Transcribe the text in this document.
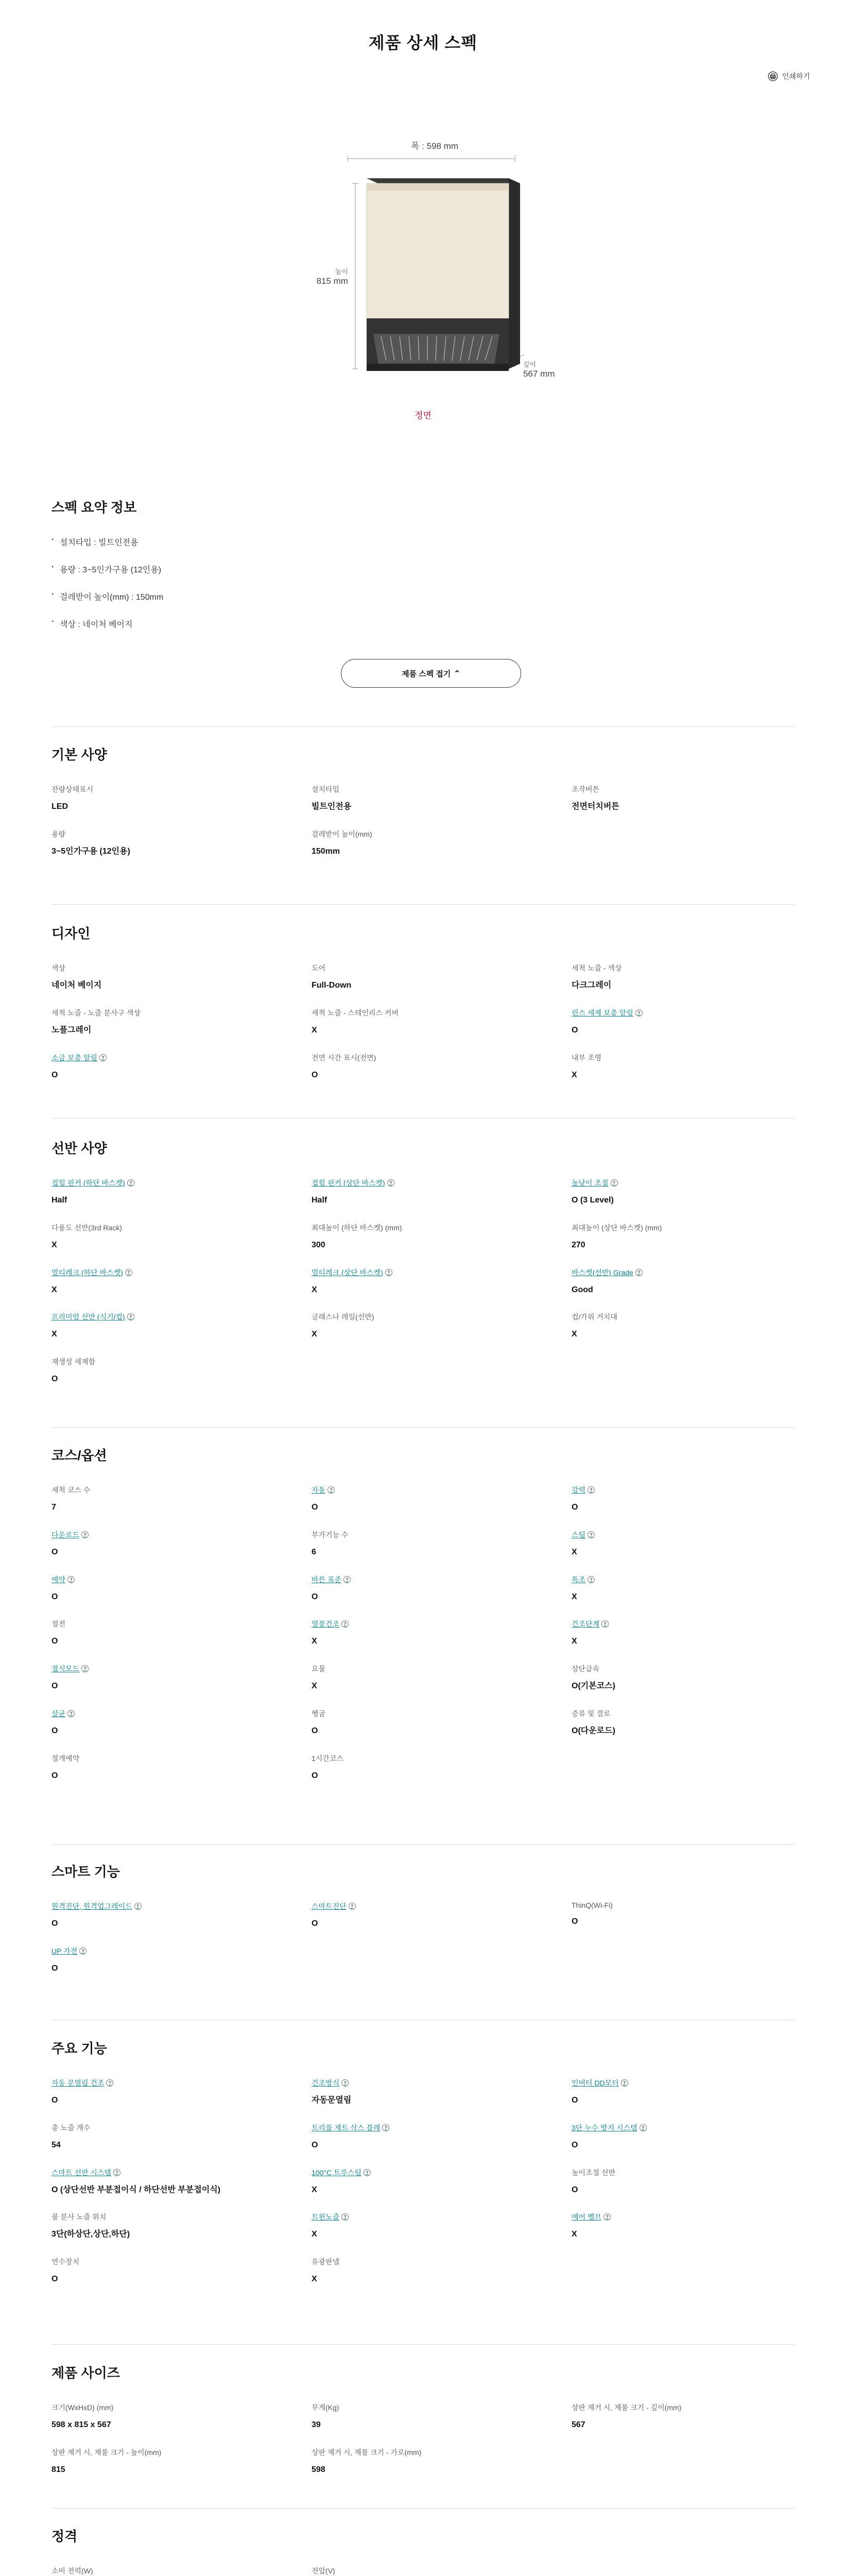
제품 상세 스펙
인쇄하기
폭 : 598 mm
높이
815 mm
깊이
567 mm
정면
스펙 요약 정보
· 설치타입 : 빌트인전용
· 용량 : 3~5인가구용 (12인용)
· 걸레받이 높이(mm) : 150mm
· 색상 : 네이처 베이지
제품 스펙 접기 ⌃
기본 사양
잔량상태표시
LED
설치타입
빌트인전용
조작버튼
전면터치버튼
용량
3~5인가구용 (12인용)
걸레받이 높이(mm)
150mm
디자인
색상
네이처 베이지
도어
Full-Down
세척 노즐 - 색상
다크그레이
세척 노즐 - 노즐 분사구 색상
노플그레이
세척 노즐 - 스테인리스 커버
X
린스 세제 보충 알림 ?
O
소금 보충 알림 ?
O
전면 시간 표시(전면)
O
내부 조명
X
선반 사양
접힘 핀커 (하단 바스켓) ?
Half
접힘 핀커 (상단 바스켓) ?
Half
높낮이 조절 ?
O (3 Level)
다용도 선반(3rd Rack)
X
최대높이 (하단 바스켓) (mm)
300
최대높이 (상단 바스켓) (mm)
270
멀티레크 (하단 바스켓) ?
X
멀티레크 (상단 바스켓) ?
X
바스켓(선반) Grade ?
Good
프리미엄 선반 (식기/컵) ?
X
글래스나 레일(선반)
X
컵/가위 거치대
X
재생성 세제함
O
코스/옵션
세척 코스 수
7
자동 ?
O
강력 ?
O
다운로드 ?
O
부가기능 수
6
스팀 ?
X
예약 ?
O
바른 표준 ?
O
특조 ?
X
절전
O
열풍건조 ?
X
건조단계 ?
X
절식모드 ?
O
요물
X
상단급속
O(기본코스)
살균 ?
O
헹굼
O
증류 및 결로
O(다운로드)
절개예약
O
1시간코스
O
스마트 기능
원격진단, 원격업그레이드 ?
O
스마트진단 ?
O
ThinQ(Wi-Fi)
O
UP 가전 ?
O
주요 기능
자동 문열림 건조 ?
O
건조방식 ?
자동문열림
인버터 DD모터 ?
O
총 노즐 개수
54
트리플 제트 삭스 블레 ?
O
3단 누수 방지 시스템 ?
O
스마트 선반 시스템 ?
O (상단선반 부분접이식 / 하단선반 부분접이식)
100°C 트루스팀 ?
X
높이조절 선반
O
물 분사 노즐 위치
3단(하상단,상단,하단)
트윈노즐 ?
X
에어 벨브 ?
X
연수장치
O
유광판넬
X
제품 사이즈
크기(WxHxD) (mm)
598 x 815 x 567
무게(Kg)
39
상판 제거 시, 제품 크기 - 깊이(mm)
567
상판 제거 시, 제품 크기 - 높이(mm)
815
상판 제거 시, 제품 크기 - 가로(mm)
598
정격
소비 전력(W)	전압(V)
